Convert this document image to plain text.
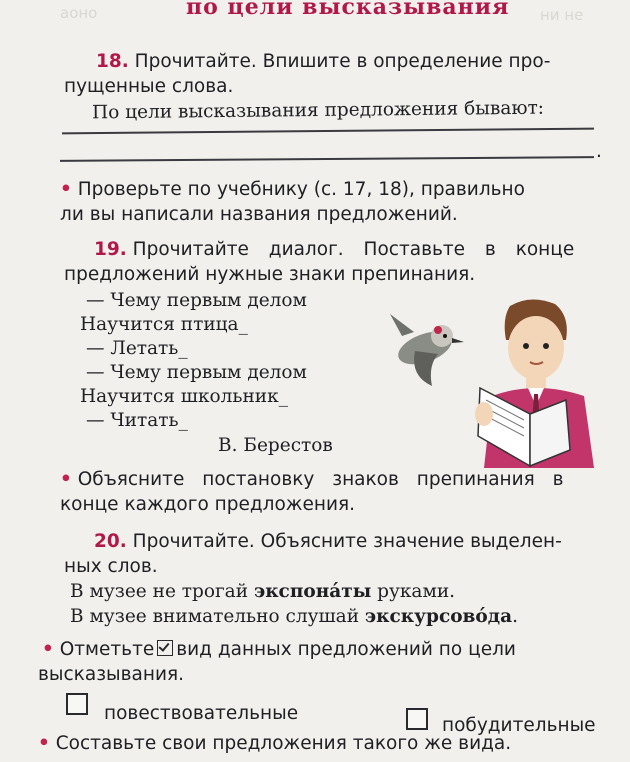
аоно	ни не
по цели высказывания
18. Прочитайте. Впишите в определение про-
пущенные слова.
По цели высказывания предложения бывают:
.
• Проверьте по учебнику (с. 17, 18), правильно
ли вы написали названия предложений.
19. Прочитайте диалог. Поставьте в конце
предложений нужные знаки препинания.
— Чему первым делом
Научится птица_
— Летать_
— Чему первым делом
Научится школьник_
— Читать_
В. Берестов
• Объясните постановку знаков препинания в
конце каждого предложения.
20. Прочитайте. Объясните значение выделен-
ных слов.
В музее не трогай экспонáты руками.
В музее внимательно слушай экскурсовóда.
• Отметьте вид данных предложений по цели
высказывания.
повествовательные
побудительные
• Составьте свои предложения такого же вида.
